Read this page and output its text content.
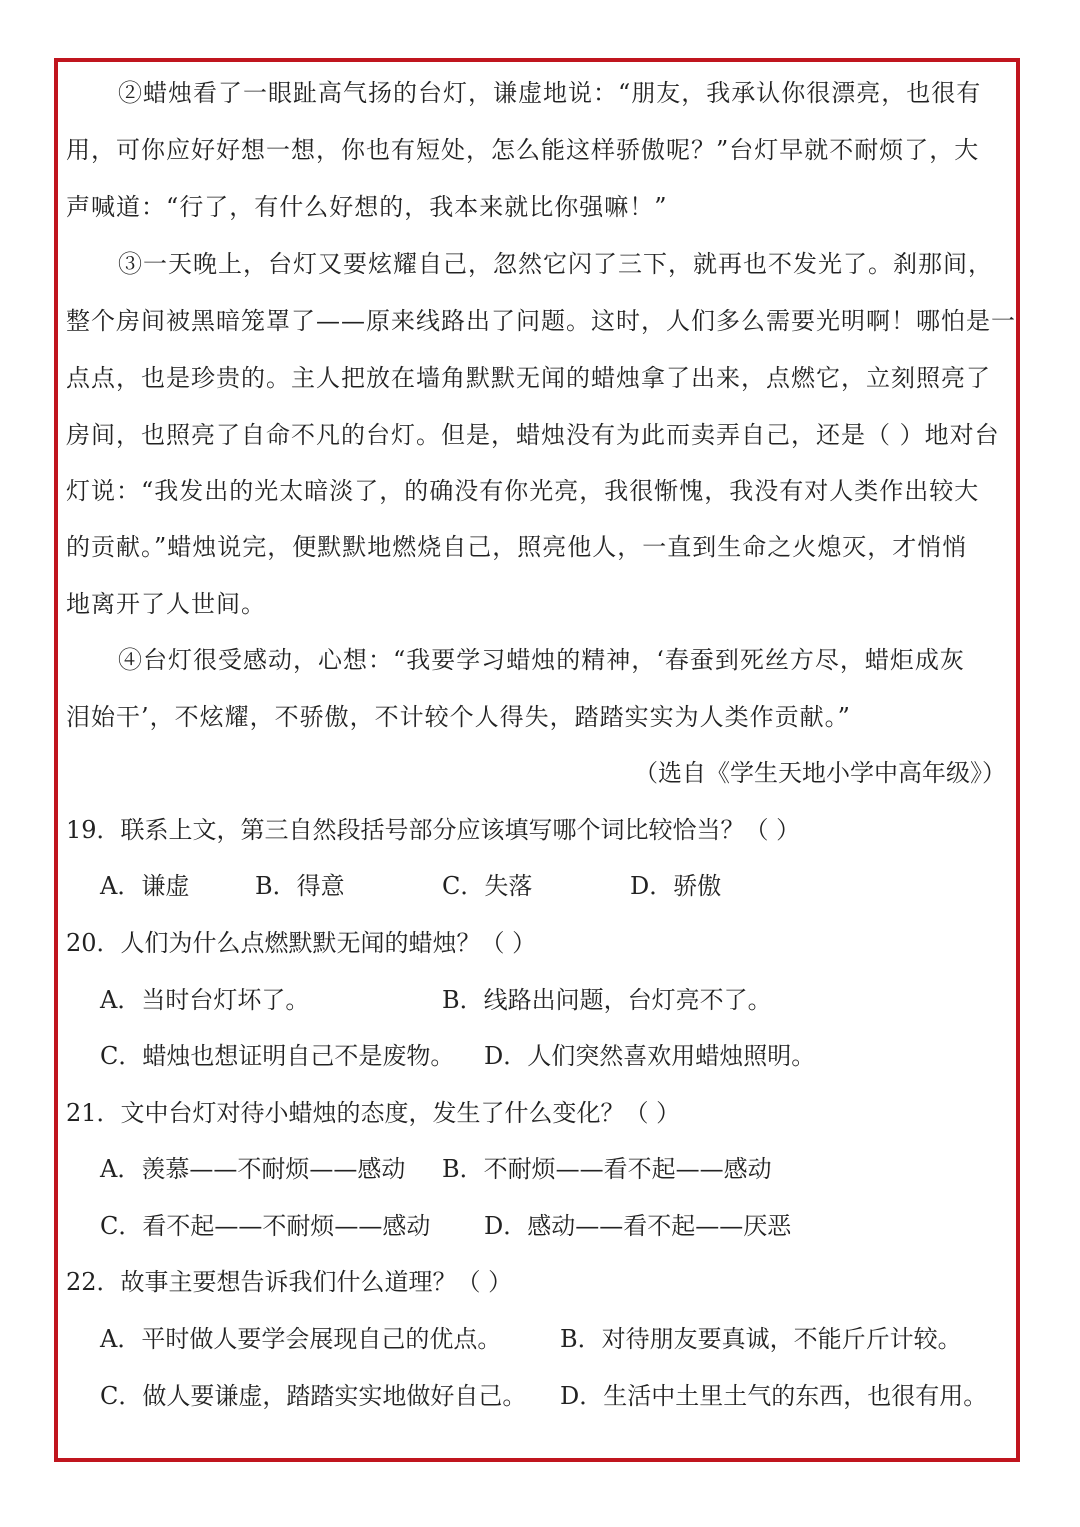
②蜡烛看了一眼趾高气扬的台灯，谦虚地说：“朋友，我承认你很漂亮，也很有
用，可你应好好想一想，你也有短处，怎么能这样骄傲呢？”台灯早就不耐烦了，大
声喊道：“行了，有什么好想的，我本来就比你强嘛！”
③一天晚上，台灯又要炫耀自己，忽然它闪了三下，就再也不发光了。刹那间，
整个房间被黑暗笼罩了——原来线路出了问题。这时，人们多么需要光明啊！哪怕是一
点点，也是珍贵的。主人把放在墙角默默无闻的蜡烛拿了出来，点燃它，立刻照亮了
房间，也照亮了自命不凡的台灯。但是，蜡烛没有为此而卖弄自己，还是（ ）地对台
灯说：“我发出的光太暗淡了，的确没有你光亮，我很惭愧，我没有对人类作出较大
的贡献。”蜡烛说完，便默默地燃烧自己，照亮他人，一直到生命之火熄灭，才悄悄
地离开了人世间。
④台灯很受感动，心想：“我要学习蜡烛的精神，‘春蚕到死丝方尽，蜡炬成灰
泪始干’，不炫耀，不骄傲，不计较个人得失，踏踏实实为人类作贡献。”
（选自《学生天地小学中高年级》）
19．联系上文，第三自然段括号部分应该填写哪个词比较恰当？（ ）
A．谦虚	B．得意	C．失落	D．骄傲
20．人们为什么点燃默默无闻的蜡烛？（ ）
A．当时台灯坏了。	B．线路出问题，台灯亮不了。
C．蜡烛也想证明自己不是废物。 D．人们突然喜欢用蜡烛照明。
21．文中台灯对待小蜡烛的态度，发生了什么变化？（ ）
A．羡慕——不耐烦——感动 B．不耐烦——看不起——感动
C．看不起——不耐烦——感动 D．感动——看不起——厌恶
22．故事主要想告诉我们什么道理？（ ）
A．平时做人要学会展现自己的优点。 B．对待朋友要真诚，不能斤斤计较。
C．做人要谦虚，踏踏实实地做好自己。 D．生活中土里土气的东西，也很有用。
